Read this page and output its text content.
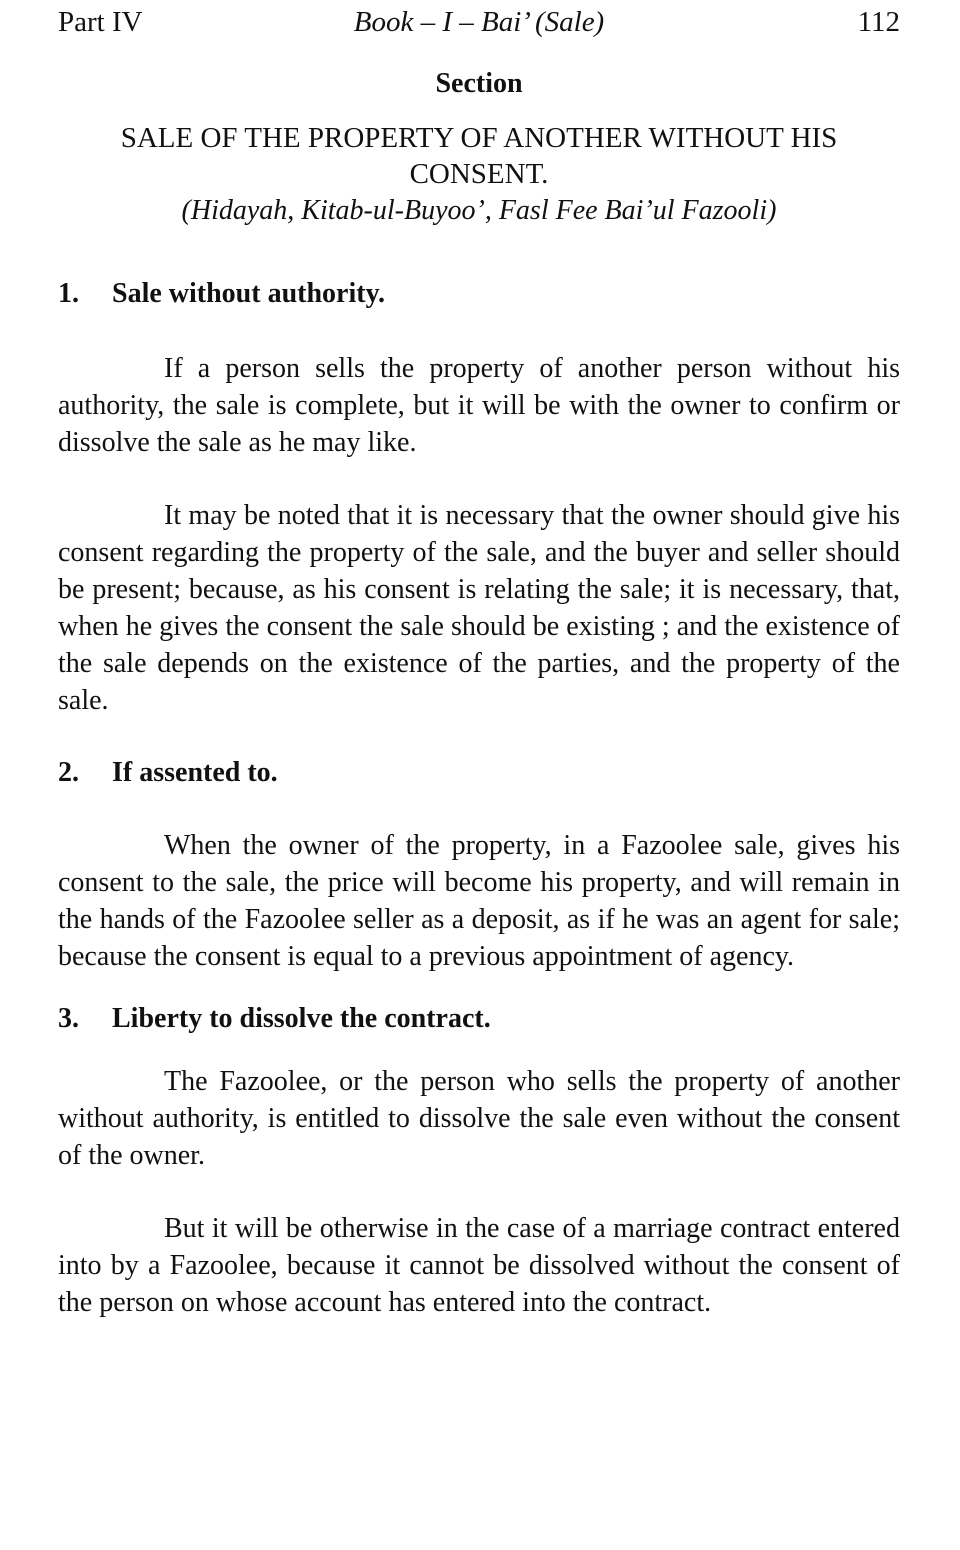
Part IV	Book – I – Bai’ (Sale)	112
Section
SALE OF THE PROPERTY OF ANOTHER WITHOUT HIS CONSENT.
(Hidayah, Kitab-ul-Buyoo’, Fasl Fee Bai’ul Fazooli)
1.	Sale without authority.

If a person sells the property of another person without his authority, the sale is complete, but it will be with the owner to confirm or dissolve the sale as he may like.

It may be noted that it is necessary that the owner should give his consent regarding the property of the sale, and the buyer and seller should be present; because, as his consent is relating the sale; it is necessary, that, when he gives the consent the sale should be existing ; and the existence of the sale depends on the existence of the parties, and the property of the sale.

2.	If assented to.

When the owner of the property, in a Fazoolee sale, gives his consent to the sale, the price will become his property, and will remain in the hands of the Fazoolee seller as a deposit, as if he was an agent for sale; because the consent is equal to a previous appointment of agency.

3.	Liberty to dissolve the contract.

The Fazoolee, or the person who sells the property of another without authority, is entitled to dissolve the sale even without the consent of the owner.

But it will be otherwise in the case of a marriage contract entered into by a Fazoolee, because it cannot be dissolved without the consent of the person on whose account has entered into the contract.
